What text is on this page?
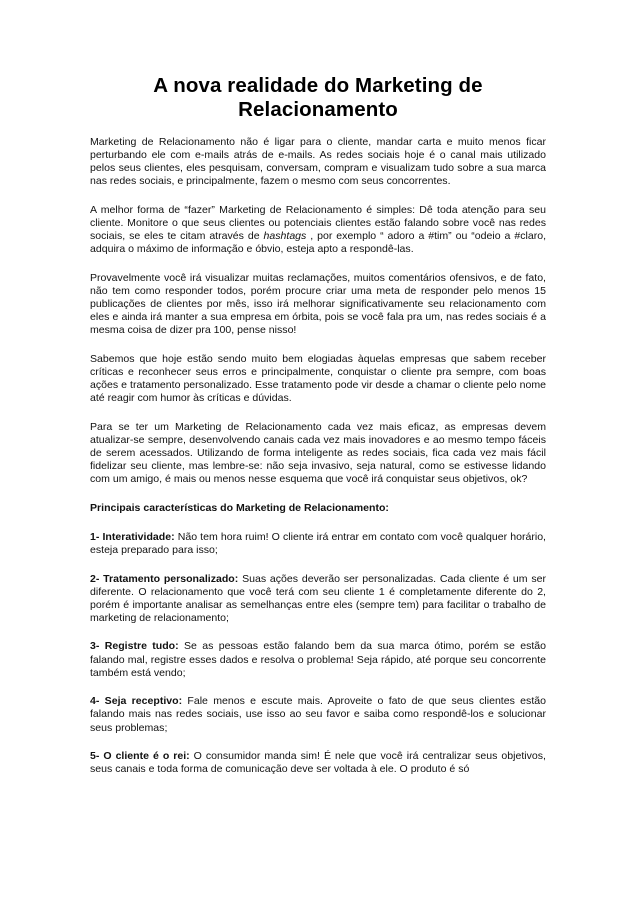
A nova realidade do Marketing de Relacionamento

Marketing de Relacionamento não é ligar para o cliente, mandar carta e muito menos ficar perturbando ele com e-mails atrás de e-mails. As redes sociais hoje é o canal mais utilizado pelos seus clientes, eles pesquisam, conversam, compram e visualizam tudo sobre a sua marca nas redes sociais, e principalmente, fazem o mesmo com seus concorrentes.

A melhor forma de “fazer” Marketing de Relacionamento é simples: Dê toda atenção para seu cliente. Monitore o que seus clientes ou potenciais clientes estão falando sobre você nas redes sociais, se eles te citam através de hashtags , por exemplo “ adoro a #tim” ou “odeio a #claro, adquira o máximo de informação e óbvio, esteja apto a respondê-las.

Provavelmente você irá visualizar muitas reclamações, muitos comentários ofensivos, e de fato, não tem como responder todos, porém procure criar uma meta de responder pelo menos 15 publicações de clientes por mês, isso irá melhorar significativamente seu relacionamento com eles e ainda irá manter a sua empresa em órbita, pois se você fala pra um, nas redes sociais é a mesma coisa de dizer pra 100, pense nisso!

Sabemos que hoje estão sendo muito bem elogiadas àquelas empresas que sabem receber críticas e reconhecer seus erros e principalmente, conquistar o cliente pra sempre, com boas ações e tratamento personalizado. Esse tratamento pode vir desde a chamar o cliente pelo nome até reagir com humor às críticas e dúvidas.

Para se ter um Marketing de Relacionamento cada vez mais eficaz, as empresas devem atualizar-se sempre, desenvolvendo canais cada vez mais inovadores e ao mesmo tempo fáceis de serem acessados. Utilizando de forma inteligente as redes sociais, fica cada vez mais fácil fidelizar seu cliente, mas lembre-se: não seja invasivo, seja natural, como se estivesse lidando com um amigo, é mais ou menos nesse esquema que você irá conquistar seus objetivos, ok?

Principais características do Marketing de Relacionamento:

1- Interatividade: Não tem hora ruim! O cliente irá entrar em contato com você qualquer horário, esteja preparado para isso;

2- Tratamento personalizado: Suas ações deverão ser personalizadas. Cada cliente é um ser diferente. O relacionamento que você terá com seu cliente 1 é completamente diferente do 2, porém é importante analisar as semelhanças entre eles (sempre tem) para facilitar o trabalho de marketing de relacionamento;

3- Registre tudo: Se as pessoas estão falando bem da sua marca ótimo, porém se estão falando mal, registre esses dados e resolva o problema! Seja rápido, até porque seu concorrente também está vendo;

4- Seja receptivo: Fale menos e escute mais. Aproveite o fato de que seus clientes estão falando mais nas redes sociais, use isso ao seu favor e saiba como respondê-los e solucionar seus problemas;

5- O cliente é o rei: O consumidor manda sim! É nele que você irá centralizar seus objetivos, seus canais e toda forma de comunicação deve ser voltada à ele. O produto é só
